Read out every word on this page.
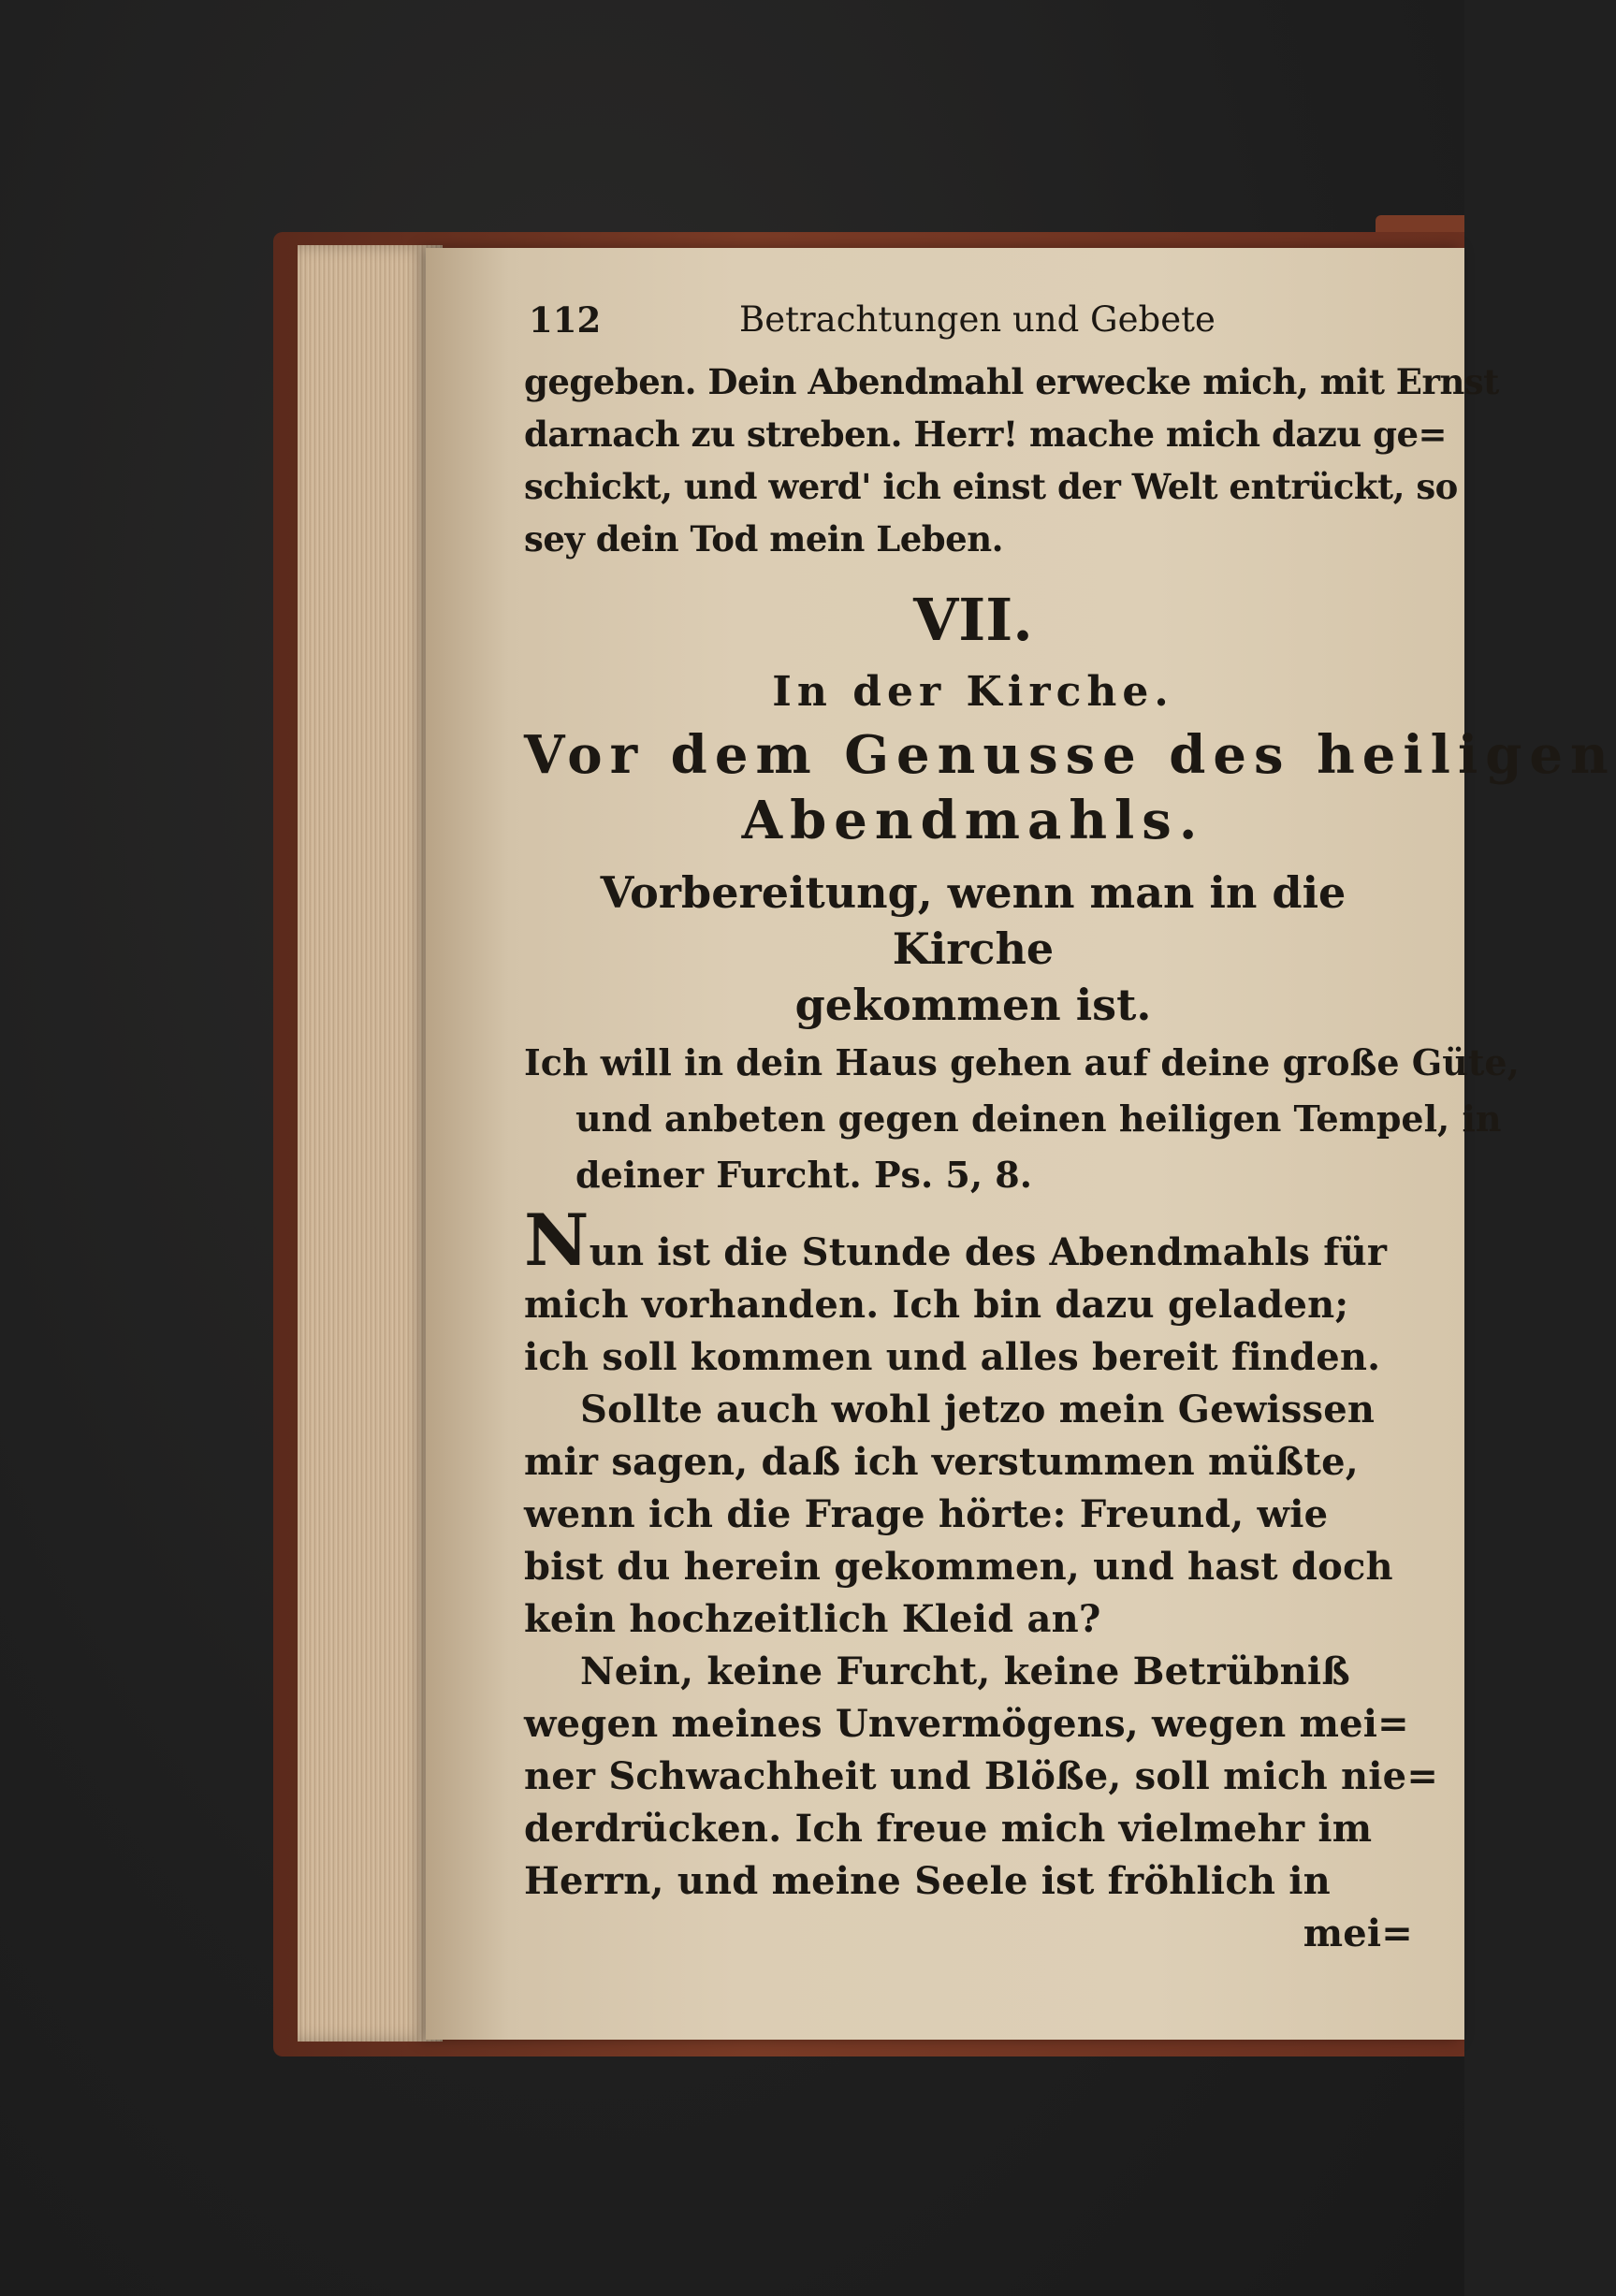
112	Betrachtungen und Gebete
gegeben. Dein Abendmahl erwecke mich, mit Ernst
darnach zu streben. Herr! mache mich dazu ge=
schickt, und werd' ich einst der Welt entrückt, so
sey dein Tod mein Leben.
VII.
In der Kirche.
Vor dem Genusse des heiligen
Abendmahls.
Vorbereitung, wenn man in die Kirche
gekommen ist.
Ich will in dein Haus gehen auf deine große Güte,
und anbeten gegen deinen heiligen Tempel, in
deiner Furcht. Ps. 5, 8.
Nun ist die Stunde des Abendmahls für
mich vorhanden. Ich bin dazu geladen;
ich soll kommen und alles bereit finden.
Sollte auch wohl jetzo mein Gewissen
mir sagen, daß ich verstummen müßte,
wenn ich die Frage hörte: Freund, wie
bist du herein gekommen, und hast doch
kein hochzeitlich Kleid an?
Nein, keine Furcht, keine Betrübniß
wegen meines Unvermögens, wegen mei=
ner Schwachheit und Blöße, soll mich nie=
derdrücken. Ich freue mich vielmehr im
Herrn, und meine Seele ist fröhlich in
mei=
